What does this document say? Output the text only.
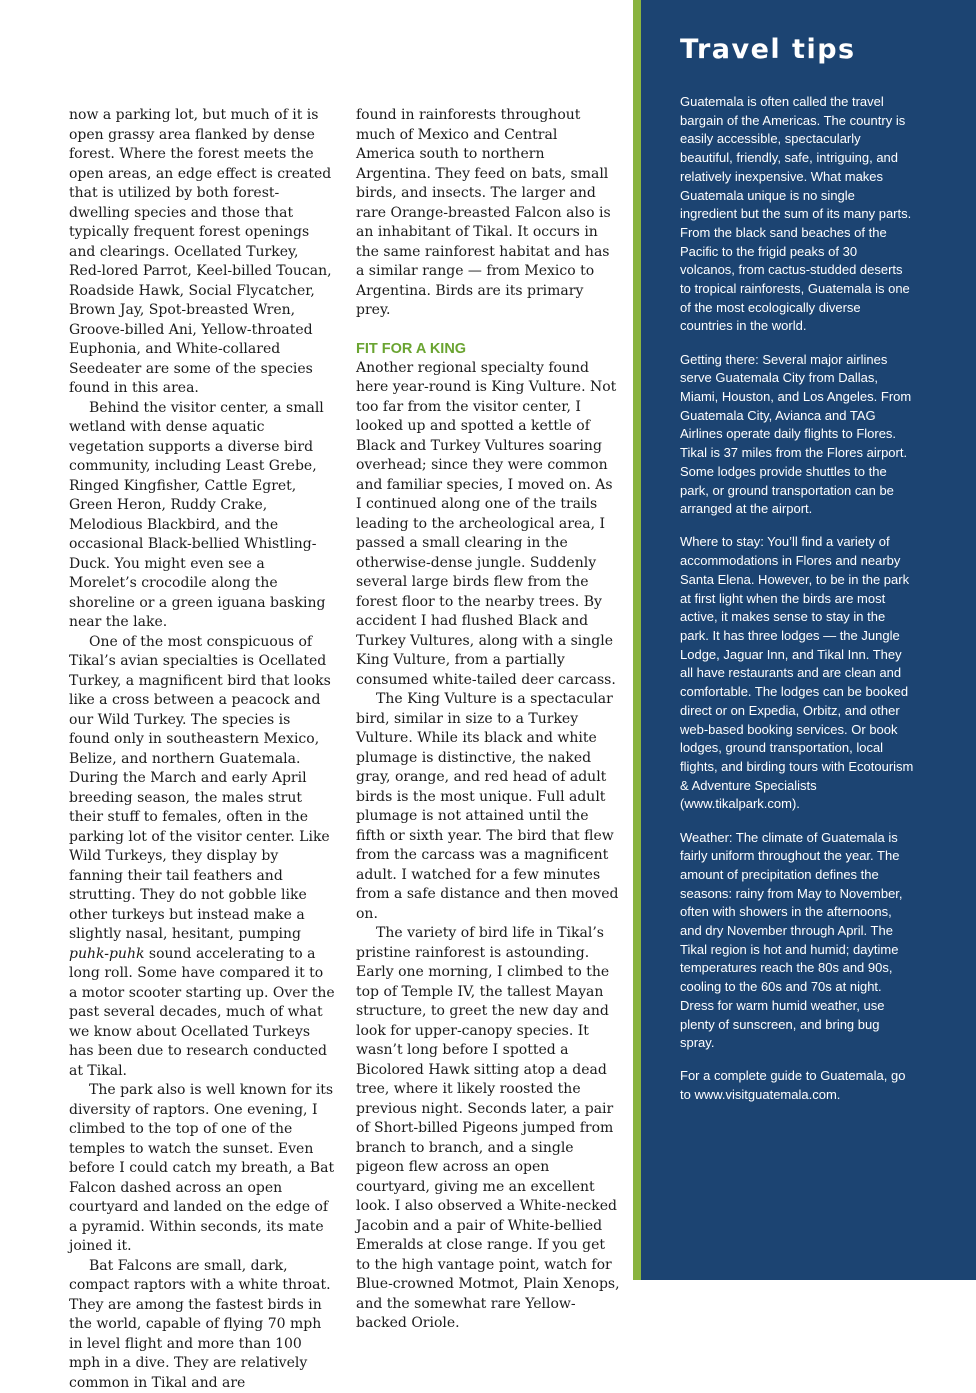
now a parking lot, but much of it is open grassy area flanked by dense forest. Where the forest meets the open areas, an edge effect is created that is utilized by both forest-dwelling species and those that typically frequent forest openings and clearings. Ocellated Turkey, Red-lored Parrot, Keel-billed Toucan, Roadside Hawk, Social Flycatcher, Brown Jay, Spot-breasted Wren, Groove-billed Ani, Yellow-throated Euphonia, and White-collared Seedeater are some of the species found in this area.

Behind the visitor center, a small wetland with dense aquatic vegetation supports a diverse bird community, including Least Grebe, Ringed Kingfisher, Cattle Egret, Green Heron, Ruddy Crake, Melodious Blackbird, and the occasional Black-bellied Whistling-Duck. You might even see a Morelet’s crocodile along the shoreline or a green iguana basking near the lake.

One of the most conspicuous of Tikal’s avian specialties is Ocellated Turkey, a magnificent bird that looks like a cross between a peacock and our Wild Turkey. The species is found only in southeastern Mexico, Belize, and northern Guatemala. During the March and early April breeding season, the males strut their stuff to females, often in the parking lot of the visitor center. Like Wild Turkeys, they display by fanning their tail feathers and strutting. They do not gobble like other turkeys but instead make a slightly nasal, hesitant, pumping puhk-puhk sound accelerating to a long roll. Some have compared it to a motor scooter starting up. Over the past several decades, much of what we know about Ocellated Turkeys has been due to research conducted at Tikal.

The park also is well known for its diversity of raptors. One evening, I climbed to the top of one of the temples to watch the sunset. Even before I could catch my breath, a Bat Falcon dashed across an open courtyard and landed on the edge of a pyramid. Within seconds, its mate joined it.

Bat Falcons are small, dark, compact raptors with a white throat. They are among the fastest birds in the world, capable of flying 70 mph in level flight and more than 100 mph in a dive. They are relatively common in Tikal and are

found in rainforests throughout much of Mexico and Central America south to northern Argentina. They feed on bats, small birds, and insects. The larger and rare Orange-breasted Falcon also is an inhabitant of Tikal. It occurs in the same rainforest habitat and has a similar range — from Mexico to Argentina. Birds are its primary prey.

FIT FOR A KING

Another regional specialty found here year-round is King Vulture. Not too far from the visitor center, I looked up and spotted a kettle of Black and Turkey Vultures soaring overhead; since they were common and familiar species, I moved on. As I continued along one of the trails leading to the archeological area, I passed a small clearing in the otherwise-dense jungle. Suddenly several large birds flew from the forest floor to the nearby trees. By accident I had flushed Black and Turkey Vultures, along with a single King Vulture, from a partially consumed white-tailed deer carcass.

The King Vulture is a spectacular bird, similar in size to a Turkey Vulture. While its black and white plumage is distinctive, the naked gray, orange, and red head of adult birds is the most unique. Full adult plumage is not attained until the fifth or sixth year. The bird that flew from the carcass was a magnificent adult. I watched for a few minutes from a safe distance and then moved on.

The variety of bird life in Tikal’s pristine rainforest is astounding. Early one morning, I climbed to the top of Temple IV, the tallest Mayan structure, to greet the new day and look for upper-canopy species. It wasn’t long before I spotted a Bicolored Hawk sitting atop a dead tree, where it likely roosted the previous night. Seconds later, a pair of Short-billed Pigeons jumped from branch to branch, and a single pigeon flew across an open courtyard, giving me an excellent look. I also observed a White-necked Jacobin and a pair of White-bellied Emeralds at close range. If you get to the high vantage point, watch for Blue-crowned Motmot, Plain Xenops, and the somewhat rare Yellow-backed Oriole.

Travel tips

Guatemala is often called the travel bargain of the Americas. The country is easily accessible, spectacularly beautiful, friendly, safe, intriguing, and relatively inexpensive. What makes Guatemala unique is no single ingredient but the sum of its many parts. From the black sand beaches of the Pacific to the frigid peaks of 30 volcanos, from cactus-studded deserts to tropical rainforests, Guatemala is one of the most ecologically diverse countries in the world.

Getting there: Several major airlines serve Guatemala City from Dallas, Miami, Houston, and Los Angeles. From Guatemala City, Avianca and TAG Airlines operate daily flights to Flores. Tikal is 37 miles from the Flores airport. Some lodges provide shuttles to the park, or ground transportation can be arranged at the airport.

Where to stay: You’ll find a variety of accommodations in Flores and nearby Santa Elena. However, to be in the park at first light when the birds are most active, it makes sense to stay in the park. It has three lodges — the Jungle Lodge, Jaguar Inn, and Tikal Inn. They all have restaurants and are clean and comfortable. The lodges can be booked direct or on Expedia, Orbitz, and other web-based booking services. Or book lodges, ground transportation, local flights, and birding tours with Ecotourism & Adventure Specialists (www.tikalpark.com).

Weather: The climate of Guatemala is fairly uniform throughout the year. The amount of precipitation defines the seasons: rainy from May to November, often with showers in the afternoons, and dry November through April. The Tikal region is hot and humid; daytime temperatures reach the 80s and 90s, cooling to the 60s and 70s at night. Dress for warm humid weather, use plenty of sunscreen, and bring bug spray.

For a complete guide to Guatemala, go to www.visitguatemala.com.
